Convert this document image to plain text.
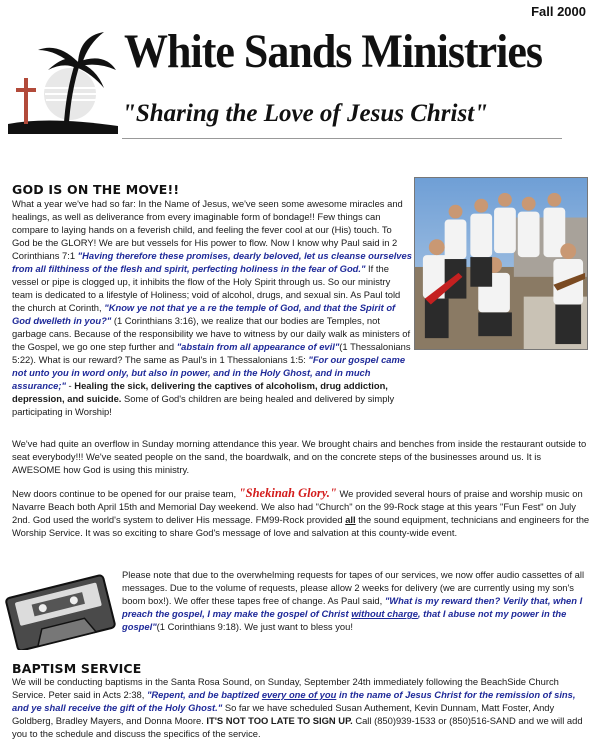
Fall 2000
White Sands Ministries
"Sharing the Love of Jesus Christ"
GOD IS ON THE MOVE!!
What a year we've had so far: In the Name of Jesus, we've seen some awesome miracles and healings, as well as deliverance from every imaginable form of bondage!! Few things can compare to laying hands on a feverish child, and feeling the fever cool at our (His) touch. To God be the GLORY! We are but vessels for His power to flow. Now I know why Paul said in 2 Corinthians 7:1 "Having therefore these promises, dearly beloved, let us cleanse ourselves from all filthiness of the flesh and spirit, perfecting holiness in the fear of God." If the vessel or pipe is clogged up, it inhibits the flow of the Holy Spirit through us. So our ministry team is dedicated to a lifestyle of Holiness; void of alcohol, drugs, and sexual sin. As Paul told the church at Corinth, "Know ye not that ye a re the temple of God, and that the Spirit of God dwelleth in you?" (1 Corinthians 3:16), we realize that our bodies are Temples, not garbage cans. Because of the responsibility we have to witness by our daily walk as ministers of the Gospel, we go one step further and "abstain from all appearance of evil"(1 Thessalonians 5:22). What is our reward? The same as Paul's in 1 Thessalonians 1:5: "For our gospel came not unto you in word only, but also in power, and in the Holy Ghost, and in much assurance;" - Healing the sick, delivering the captives of alcoholism, drug addiction, depression, and suicide. Some of God's children are being healed and delivered by simply participating in Worship!
We've had quite an overflow in Sunday morning attendance this year. We brought chairs and benches from inside the restaurant outside to seat everybody!!! We've seated people on the sand, the boardwalk, and on the concrete steps of the businesses around us. It is AWESOME how God is using this ministry.
New doors continue to be opened for our praise team, "Shekinah Glory." We provided several hours of praise and worship music on Navarre Beach both April 15th and Memorial Day weekend. We also had "Church" on the 99-Rock stage at this years "Fun Fest" on July 2nd. God used the world's system to deliver His message. FM99-Rock provided all the sound equipment, technicians and engineers for the Worship Service. It was so exciting to share God's message of love and salvation at this county-wide event.
Please note that due to the overwhelming requests for tapes of our services, we now offer audio cassettes of all messages. Due to the volume of requests, please allow 2 weeks for delivery (we are currently using my son's boom box!). We offer these tapes free of change. As Paul said, "What is my reward then? Verily that, when I preach the gospel, I may make the gospel of Christ without charge, that I abuse not my power in the gospel"(1 Corinthians 9:18). We just want to bless you!
BAPTISM SERVICE
We will be conducting baptisms in the Santa Rosa Sound, on Sunday, September 24th immediately following the BeachSide Church Service. Peter said in Acts 2:38, "Repent, and be baptized every one of you in the name of Jesus Christ for the remission of sins, and ye shall receive the gift of the Holy Ghost." So far we have scheduled Susan Authement, Kevin Dunnam, Matt Foster, Andy Goldberg, Bradley Mayers, and Donna Moore. IT'S NOT TOO LATE TO SIGN UP. Call (850)939-1533 or (850)516-SAND and we will add you to the schedule and discuss the specifics of the service.
